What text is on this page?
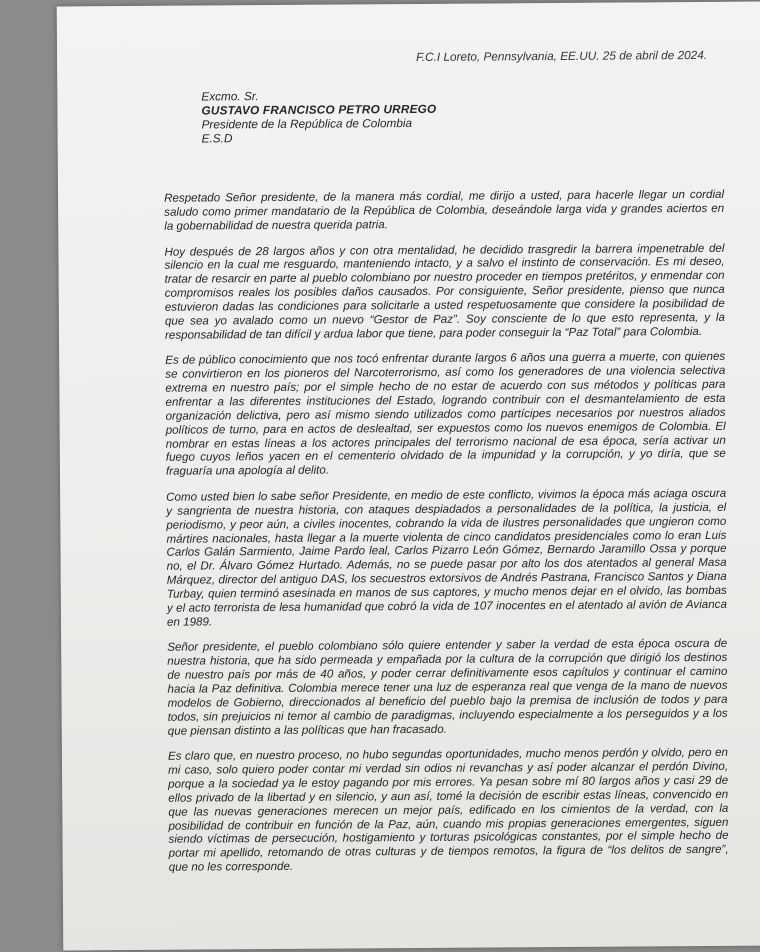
F.C.I Loreto, Pennsylvania, EE.UU. 25 de abril de 2024.
Excmo. Sr.
GUSTAVO FRANCISCO PETRO URREGO
Presidente de la República de Colombia
E.S.D

Respetado Señor presidente, de la manera más cordial, me dirijo a usted, para hacerle llegar un cordial saludo como primer mandatario de la República de Colombia, deseándole larga vida y grandes aciertos en la gobernabilidad de nuestra querida patria.

Hoy después de 28 largos años y con otra mentalidad, he decidido trasgredir la barrera impenetrable del silencio en la cual me resguardo, manteniendo intacto, y a salvo el instinto de conservación. Es mi deseo, tratar de resarcir en parte al pueblo colombiano por nuestro proceder en tiempos pretéritos, y enmendar con compromisos reales los posibles daños causados. Por consiguiente, Señor presidente, pienso que nunca estuvieron dadas las condiciones para solicitarle a usted respetuosamente que considere la posibilidad de que sea yo avalado como un nuevo “Gestor de Paz”. Soy consciente de lo que esto representa, y la responsabilidad de tan difícil y ardua labor que tiene, para poder conseguir la “Paz Total” para Colombia.

Es de público conocimiento que nos tocó enfrentar durante largos 6 años una guerra a muerte, con quienes se convirtieron en los pioneros del Narcoterrorismo, así como los generadores de una violencia selectiva extrema en nuestro país; por el simple hecho de no estar de acuerdo con sus métodos y políticas para enfrentar a las diferentes instituciones del Estado, logrando contribuir con el desmantelamiento de esta organización delictiva, pero así mismo siendo utilizados como partícipes necesarios por nuestros aliados políticos de turno, para en actos de deslealtad, ser expuestos como los nuevos enemigos de Colombia. El nombrar en estas líneas a los actores principales del terrorismo nacional de esa época, sería activar un fuego cuyos leños yacen en el cementerio olvidado de la impunidad y la corrupción, y yo diría, que se fraguaría una apología al delito.

Como usted bien lo sabe señor Presidente, en medio de este conflicto, vivimos la época más aciaga oscura y sangrienta de nuestra historia, con ataques despiadados a personalidades de la política, la justicia, el periodismo, y peor aún, a civiles inocentes, cobrando la vida de ilustres personalidades que ungieron como mártires nacionales, hasta llegar a la muerte violenta de cinco candidatos presidenciales como lo eran Luis Carlos Galán Sarmiento, Jaime Pardo leal, Carlos Pizarro León Gómez, Bernardo Jaramillo Ossa y porque no, el Dr. Álvaro Gómez Hurtado. Además, no se puede pasar por alto los dos atentados al general Masa Márquez, director del antiguo DAS, los secuestros extorsivos de Andrés Pastrana, Francisco Santos y Diana Turbay, quien terminó asesinada en manos de sus captores, y mucho menos dejar en el olvido, las bombas y el acto terrorista de lesa humanidad que cobró la vida de 107 inocentes en el atentado al avión de Avianca en 1989.

Señor presidente, el pueblo colombiano sólo quiere entender y saber la verdad de esta época oscura de nuestra historia, que ha sido permeada y empañada por la cultura de la corrupción que dirigió los destinos de nuestro país por más de 40 años, y poder cerrar definitivamente esos capítulos y continuar el camino hacia la Paz definitiva. Colombia merece tener una luz de esperanza real que venga de la mano de nuevos modelos de Gobierno, direccionados al beneficio del pueblo bajo la premisa de inclusión de todos y para todos, sin prejuicios ni temor al cambio de paradigmas, incluyendo especialmente a los perseguidos y a los que piensan distinto a las políticas que han fracasado.

Es claro que, en nuestro proceso, no hubo segundas oportunidades, mucho menos perdón y olvido, pero en mi caso, solo quiero poder contar mi verdad sin odios ni revanchas y así poder alcanzar el perdón Divino, porque a la sociedad ya le estoy pagando por mis errores. Ya pesan sobre mí 80 largos años y casi 29 de ellos privado de la libertad y en silencio, y aun así, tomé la decisión de escribir estas líneas, convencido en que las nuevas generaciones merecen un mejor país, edificado en los cimientos de la verdad, con la posibilidad de contribuir en función de la Paz, aún, cuando mis propias generaciones emergentes, siguen siendo víctimas de persecución, hostigamiento y torturas psicológicas constantes, por el simple hecho de portar mi apellido, retomando de otras culturas y de tiempos remotos, la figura de “los delitos de sangre”, que no les corresponde.
